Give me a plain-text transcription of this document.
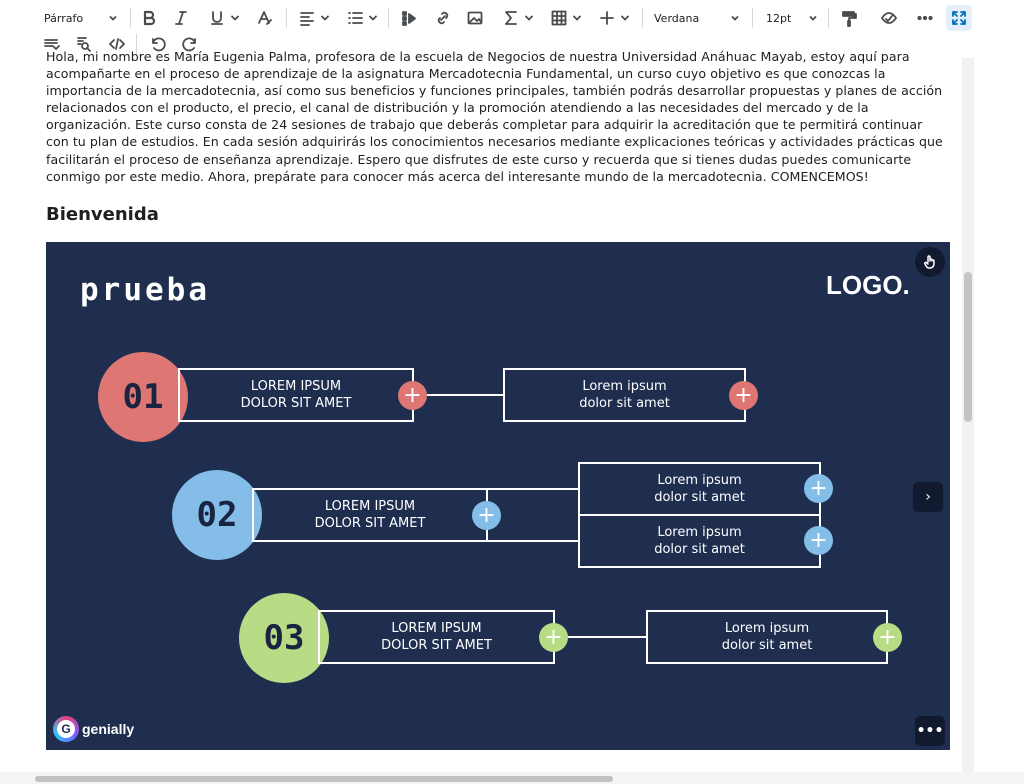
Párrafo	Verdana	12pt

Hola, mi nombre es María Eugenia Palma, profesora de la escuela de Negocios de nuestra Universidad Anáhuac Mayab, estoy aquí para acompañarte en el proceso de aprendizaje de la asignatura Mercadotecnia Fundamental, un curso cuyo objetivo es que conozcas la importancia de la mercadotecnia, así como sus beneficios y funciones principales, también podrás desarrollar propuestas y planes de acción relacionados con el producto, el precio, el canal de distribución y la promoción atendiendo a las necesidades del mercado y de la organización. Este curso consta de 24 sesiones de trabajo que deberás completar para adquirir la acreditación que te permitirá continuar con tu plan de estudios. En cada sesión adquirirás los conocimientos necesarios mediante explicaciones teóricas y actividades prácticas que facilitarán el proceso de enseñanza aprendizaje. Espero que disfrutes de este curso y recuerda que si tienes dudas puedes comunicarte conmigo por este medio. Ahora, prepárate para conocer más acerca del interesante mundo de la mercadotecnia. COMENCEMOS!

Bienvenida
prueba	LOGO.
01	LOREM IPSUM
DOLOR SIT AMET +	Lorem ipsum
dolor sit amet	+
02	LOREM IPSUM
DOLOR SIT AMET +
Lorem ipsum
dolor sit amet	+
Lorem ipsum
dolor sit amet	+
03	LOREM IPSUM
DOLOR SIT AMET +	Lorem ipsum
dolor sit amet	+
›
•••
G genially
